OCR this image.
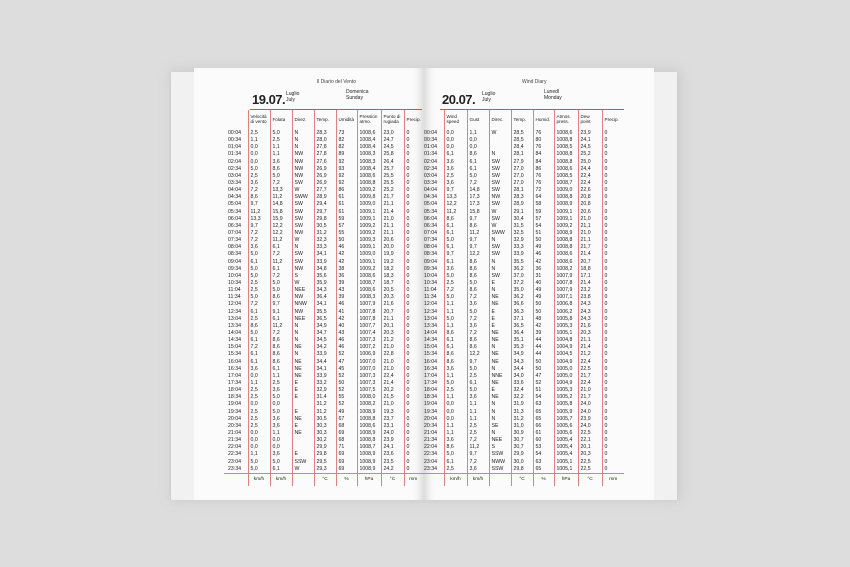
Il Diario del Vento
19.07. Luglio
July
Domenica
Sunday
	Velocità di vento	Folata	Direz.	Temp.	Umidità	Pression atmo.	Punto di rugiada	Precip.
00:04	2,5	5,0	N	28,3	73	1008,6	23,0	0
00:34	1,1	2,5	N	28,0	82	1008,4	24,7	0
01:04	0,0	1,1	N	27,8	82	1008,4	24,5	0
01:34	0,0	1,1	NW	27,8	89	1008,3	25,8	0
02:04	0,0	3,6	NW	27,6	92	1008,3	26,4	0
02:34	5,0	8,6	NW	26,9	93	1008,4	25,7	0
03:04	2,5	5,0	NW	26,9	92	1008,6	25,5	0
03:34	3,6	7,2	SW	26,9	92	1008,8	25,5	0
04:04	7,2	13,3	W	27,7	86	1009,2	25,2	0
04:34	8,6	11,2	SWW	28,9	61	1009,8	21,7	0
05:04	9,7	14,8	SW	29,4	61	1009,0	21,1	0
05:34	11,2	15,8	SW	29,7	61	1009,1	21,4	0
06:04	13,3	15,9	SW	29,8	59	1009,1	21,0	0
06:34	9,7	12,2	SW	30,5	57	1009,2	21,1	0
07:04	7,2	12,2	NW	31,2	55	1009,2	21,1	0
07:34	7,2	11,2	W	32,3	50	1009,3	20,6	0
08:04	3,6	6,1	N	33,3	46	1009,1	20,0	0
08:34	5,0	7,2	SW	34,1	42	1009,0	19,9	0
09:04	6,1	11,2	SW	33,9	42	1009,1	19,2	0
09:34	5,0	6,1	NW	34,8	38	1009,2	18,2	0
10:04	5,0	7,2	S	35,6	36	1008,6	18,3	0
10:34	2,5	5,0	W	35,9	39	1008,7	18,7	0
11:04	2,5	5,0	NEE	34,3	43	1008,6	20,5	0
11:34	5,0	8,6	NW	36,4	39	1008,3	20,3	0
12:04	7,2	9,7	NNW	34,1	46	1007,9	21,6	0
12:34	6,1	9,1	NW	35,5	41	1007,8	20,7	0
13:04	2,5	6,1	NEE	36,5	42	1007,8	21,1	0
13:34	8,6	11,2	N	34,9	40	1007,7	20,1	0
14:04	5,0	7,2	N	34,7	43	1007,4	20,3	0
14:34	6,1	8,6	N	34,5	46	1007,3	21,2	0
15:04	7,2	8,6	NE	34,2	46	1007,2	21,0	0
15:34	6,1	8,6	N	33,9	52	1006,9	22,8	0
16:04	6,1	8,6	NE	34,4	47	1007,0	21,0	0
16:34	3,6	6,1	NE	34,1	45	1007,0	21,0	0
17:04	0,0	1,1	NE	33,9	52	1007,3	22,4	0
17:34	1,1	2,5	E	33,2	50	1007,3	21,4	0
18:04	2,5	3,6	E	32,9	52	1007,5	20,2	0
18:34	2,5	5,0	E	31,4	55	1008,0	21,5	0
19:04	0,0	0,0		31,2	52	1008,2	21,0	0
19:34	2,5	5,0	E	31,2	49	1008,9	19,3	0
20:04	2,5	3,6	NE	30,5	67	1008,8	23,7	0
20:34	2,5	3,6	E	30,3	68	1008,6	23,1	0
21:04	0,0	1,1	NE	30,3	69	1008,9	24,0	0
21:34	0,0	0,0		30,2	68	1008,8	23,9	0
22:04	0,0	0,0		29,9	71	1008,7	24,1	0
22:34	1,1	3,6	E	29,8	69	1008,9	23,6	0
23:04	5,0	5,0	SSW	29,5	69	1008,9	23,5	0
23:34	5,0	6,1	W	29,3	69	1008,9	24,2	0
	km/h	km/h		°C	%	hPa	°C	mm
Wind Diary
20.07. Luglio
July
Lunedì
Monday
	Wind speed	Gust	Direc.	Temp.	Humid.	Atmos. press.	Dew point	Precip.
00:04	0,0	1,1	W	28,5	76	1008,6	23,9	0
00:34	0,0	0,0		28,5	80	1008,8	24,1	0
01:04	0,0	0,0		28,4	76	1008,5	24,5	0
01:34	6,1	8,6	N	28,1	84	1008,8	25,2	0
02:04	3,6	6,1	SW	27,9	84	1008,8	25,0	0
02:34	3,6	6,1	SW	27,0	86	1008,6	24,4	0
03:04	2,5	5,0	SW	27,0	76	1008,5	22,4	0
03:34	3,6	7,2	SW	27,0	76	1008,7	22,4	0
04:04	9,7	14,8	SW	28,1	72	1009,0	22,6	0
04:34	13,3	17,3	NW	28,3	64	1008,8	20,8	0
05:04	12,2	17,3	SW	28,9	58	1008,9	20,8	0
05:34	11,2	15,8	W	29,1	59	1009,1	20,6	0
06:04	8,6	9,7	SW	30,4	57	1009,1	21,0	0
06:34	6,1	8,6	W	31,5	54	1009,2	21,1	0
07:04	6,1	11,2	SWW	32,5	51	1008,9	21,0	0
07:34	5,0	9,7	N	32,9	50	1008,8	21,1	0
08:04	6,1	9,7	SW	33,3	49	1008,8	21,7	0
08:34	9,7	12,2	SW	33,9	46	1008,6	21,4	0
09:04	6,1	8,6	N	35,5	42	1008,6	20,7	0
09:34	3,6	8,6	N	36,2	36	1008,2	18,8	0
10:04	5,0	8,6	SW	37,0	31	1007,9	17,1	0
10:34	2,5	5,0	E	37,2	40	1007,8	21,4	0
11:04	7,2	8,6	N	35,0	49	1007,9	23,2	0
11:34	5,0	7,2	NE	36,2	49	1007,1	23,8	0
12:04	1,1	3,6	NE	36,6	50	1006,8	24,3	0
12:34	1,1	5,0	E	36,3	50	1006,2	24,3	0
13:04	5,0	7,2	E	37,1	48	1005,8	24,3	0
13:34	1,1	3,6	E	36,5	42	1005,3	21,6	0
14:04	8,6	7,2	NE	36,4	39	1005,1	20,3	0
14:34	6,1	8,6	NE	35,1	44	1004,8	21,1	0
15:04	6,1	8,6	N	35,3	44	1004,9	21,4	0
15:34	8,6	12,2	NE	34,9	44	1004,5	21,2	0
16:04	8,6	9,7	NE	34,3	50	1004,9	22,4	0
16:34	3,6	5,0	N	34,4	50	1005,0	22,5	0
17:04	1,1	2,5	NNE	34,0	47	1005,0	21,7	0
17:34	5,0	6,1	NE	33,6	52	1004,9	22,4	0
18:04	2,5	5,0	E	32,4	51	1005,3	21,0	0
18:34	1,1	3,6	NE	32,2	54	1005,2	21,7	0
19:04	0,0	1,1	N	31,9	63	1005,8	24,0	0
19:34	0,0	1,1	N	31,3	65	1005,9	24,0	0
20:04	0,0	1,1	N	31,2	65	1005,7	23,9	0
20:34	1,1	2,5	SE	31,0	66	1005,6	24,0	0
21:04	1,1	2,5	N	30,9	61	1005,6	22,5	0
21:34	3,6	7,2	NEE	30,7	60	1005,4	22,1	0
22:04	8,6	11,2	S	30,7	53	1005,4	20,1	0
22:34	5,0	9,7	SSW	29,9	54	1005,4	20,3	0
23:04	6,1	7,2	NWW	30,0	63	1005,1	22,5	0
23:34	2,5	3,6	SSW	29,8	65	1005,1	22,5	0
	km/h	km/h		°C	%	hPa	°C	mm
